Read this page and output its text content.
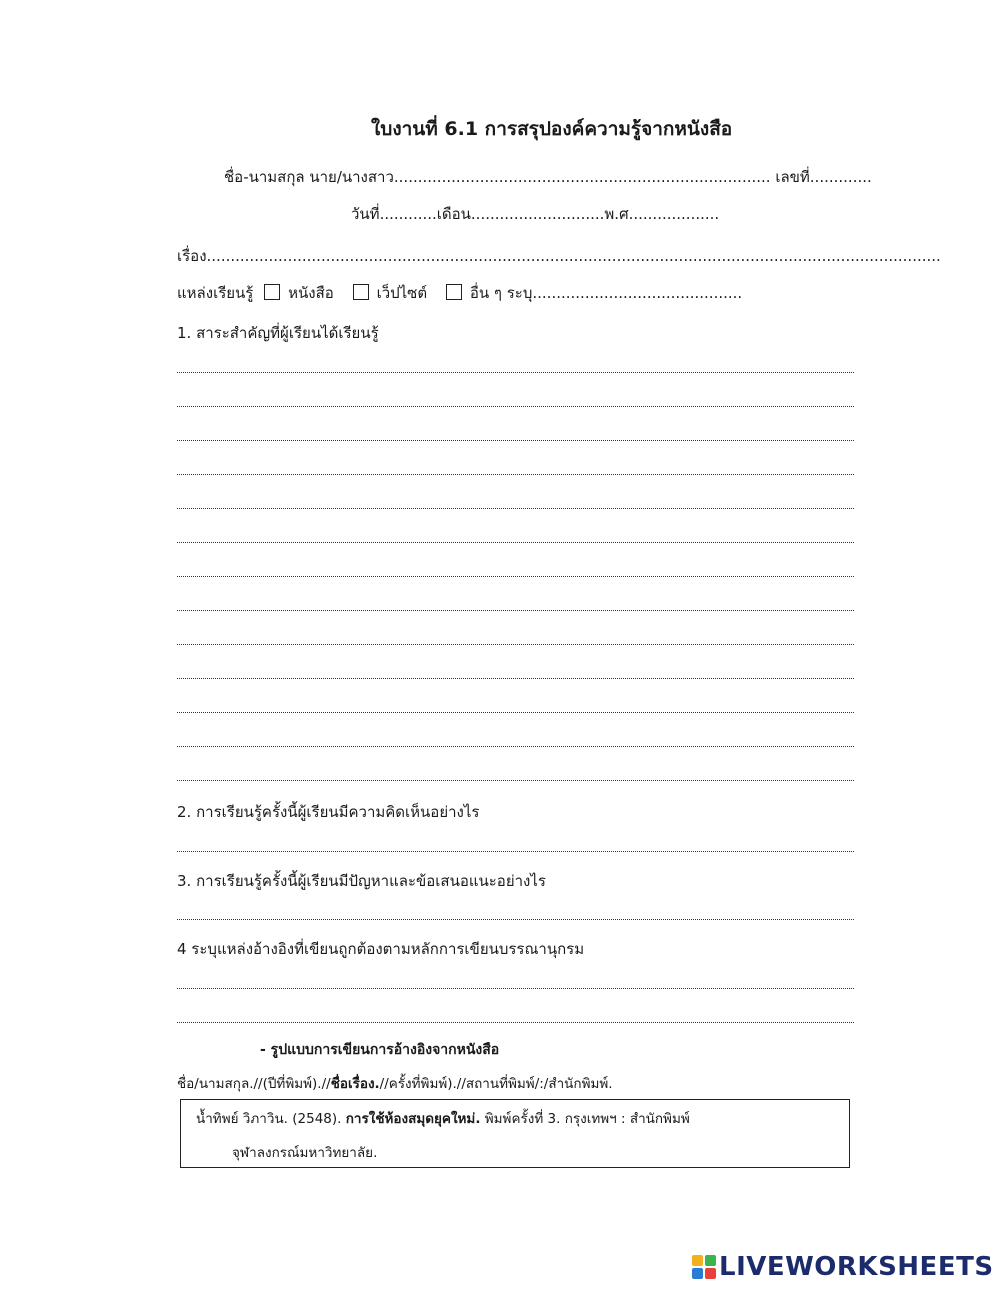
ใบงานที่ 6.1 การสรุปองค์ความรู้จากหนังสือ
ชื่อ-นามสกุล นาย/นางสาว............................................................................... เลขที่.............
วันที่............เดือน............................พ.ศ...................
เรื่อง..........................................................................................................................................................
แหล่งเรียนรู้ หนังสือ	เว็ปไซต์	อื่น ๆ ระบุ............................................
1. สาระสำคัญที่ผู้เรียนได้เรียนรู้
2. การเรียนรู้ครั้งนี้ผู้เรียนมีความคิดเห็นอย่างไร
3. การเรียนรู้ครั้งนี้ผู้เรียนมีปัญหาและข้อเสนอแนะอย่างไร
4 ระบุแหล่งอ้างอิงที่เขียนถูกต้องตามหลักการเขียนบรรณานุกรม
- รูปแบบการเขียนการอ้างอิงจากหนังสือ
ชื่อ/นามสกุล.//(ปีที่พิมพ์).//ชื่อเรื่อง.//ครั้งที่พิมพ์).//สถานที่พิมพ์/:/สำนักพิมพ์.
น้ำทิพย์ วิภาวิน. (2548). การใช้ห้องสมุดยุคใหม่. พิมพ์ครั้งที่ 3. กรุงเทพฯ : สำนักพิมพ์
จุฬาลงกรณ์มหาวิทยาลัย.
LIVEWORKSHEETS
